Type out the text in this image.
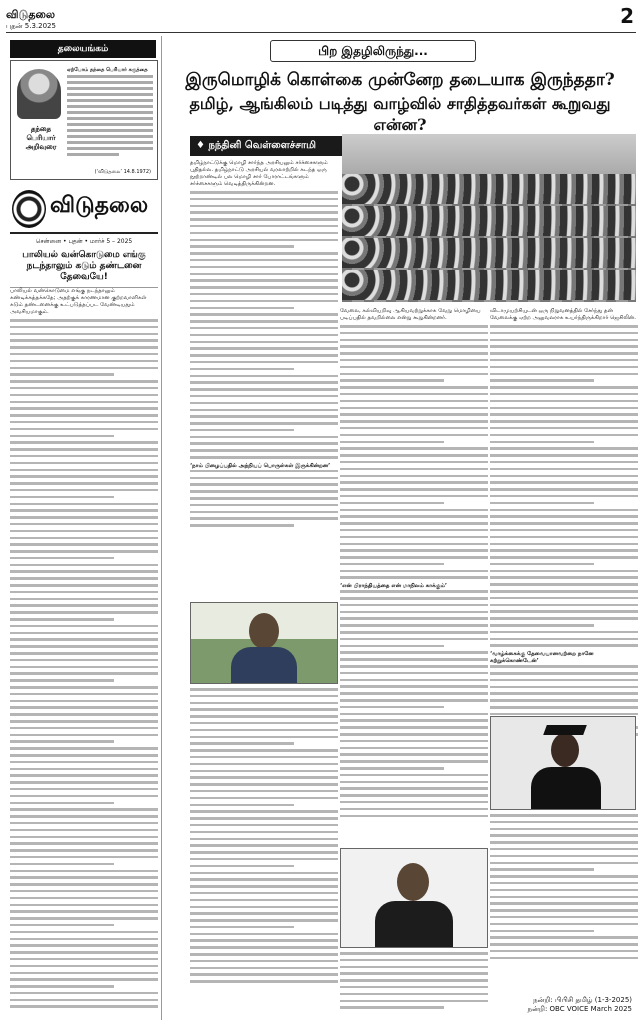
விடுதலை
புதன் 5.3.2025	2
தலையங்கம்
தந்தை பெரியார் அறிவுரை
ஏற்போம் தந்தை பெரியார் கருத்தை
(‘விடுதலை’ 14.8.1972)
விடுதலை
சென்னை • புதன் • மார்ச் 5 – 2025
பாலியல் வன்கொடுமை எங்கு நடந்தாலும் கடும் தண்டனை தேவையே!
பாலியல் வன்கொடுமை எங்கு நடந்தாலும் கண்டிக்கத்தக்கதே; அதற்குக் காரணமான குற்றவாளிகள் கடும் தண்டனைக்கு உட்படுத்தப்பட வேண்டியதும் அவசியமாகும்.
பிற இதழிலிருந்து...
இருமொழிக் கொள்கை முன்னேற தடையாக இருந்ததா?
தமிழ், ஆங்கிலம் படித்து வாழ்வில் சாதித்தவர்கள் கூறுவது என்ன?
♦ நந்தினி வெள்ளைச்சாமி
தமிழ்நாட்டுக்கு மொழி சார்ந்த அரசியலும் சர்ச்சைகளும் புதிதல்ல. தமிழ்நாட்டு அரசியல் வரலாற்றில் கடந்த ஒரு நூற்றாண்டில் பல மொழி சார் போராட்டங்களும் சர்ச்சைகளும் வெடித்திருக்கின்றன.
‘நாம் பிழைப்பதில் அந்நியப் பொருள்கள் இருக்கின்றன’
வேலை, கல்வியறிவு ஆகியவற்றுக்காக வேறு மொழியை படிப்பதில் தவறில்லை என்று கூறுகின்றனர்.
‘என் பிராந்தியத்தை என் மாநிலம் காக்கும்’
விடாமுயற்சியுடன் ஒரு நிறுவனத்தில் சேர்ந்து தன் வேலைக்கு ஏற்ற அலுவலராக உயர்ந்திருக்கிறார் ஜெசிலின்.
‘வாழ்க்கைக்கு தேவையானவற்றை நானே கற்றுக்கொண்டேன்’
நன்றி: பிபிசி தமிழ் (1-3-2025)
நன்றி: OBC VOICE March 2025
